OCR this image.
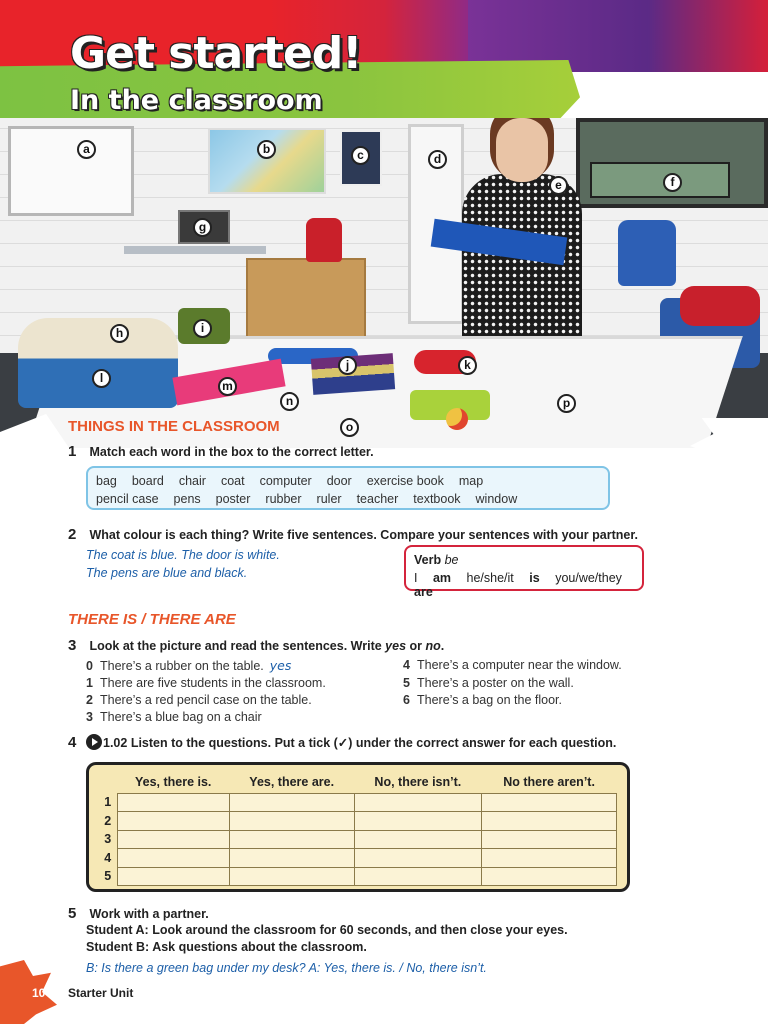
Get started!
In the classroom
a	b	c	d
e	f
g
h	i
l
m
j	k
n
o
p
THINGS IN THE CLASSROOM
1 Match each word in the box to the correct letter.
bag board chair coat computer door exercise book map
pencil case pens poster rubber ruler teacher textbook window
2 What colour is each thing? Write five sentences. Compare your sentences with your partner.
The coat is blue. The door is white.
The pens are blue and black.
Verb be
I am he/she/it is you/we/they are
THERE IS / THERE ARE
3 Look at the picture and read the sentences. Write yes or no.
0 There’s a rubber on the table. yes
1 There are five students in the classroom.
2 There’s a red pencil case on the table.
3 There’s a blue bag on a chair
4 There’s a computer near the window.
5 There’s a poster on the wall.
6 There’s a bag on the floor.
4 1.02 Listen to the questions. Put a tick (✓) under the correct answer for each question.
	Yes, there is.	Yes, there are.	No, there isn’t.	No there aren’t.
1				
2				
3				
4				
5				
5 Work with a partner.
Student A: Look around the classroom for 60 seconds, and then close your eyes.
Student B: Ask questions about the classroom.
B: Is there a green bag under my desk? A: Yes, there is. / No, there isn’t.
10 Starter Unit
